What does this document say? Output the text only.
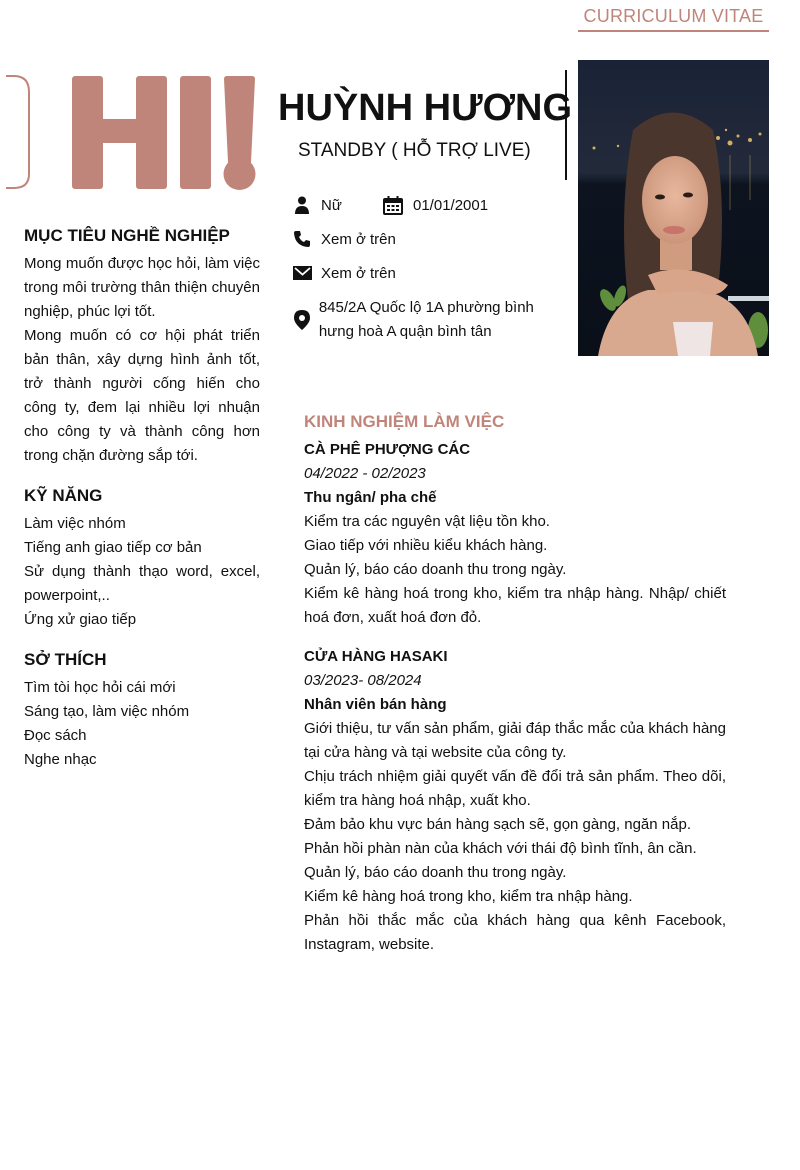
CURRICULUM VITAE
HUỲNH HƯƠNG
STANDBY ( HỖ TRỢ LIVE)
Nữ	01/01/2001
Xem ở trên
Xem ở trên
845/2A Quốc lộ 1A phường bình hưng hoà A quận bình tân
MỤC TIÊU NGHỀ NGHIỆP
Mong muốn được học hỏi, làm việc trong môi trường thân thiện chuyên nghiệp, phúc lợi tốt.
Mong muốn có cơ hội phát triển bản thân, xây dựng hình ảnh tốt, trở thành người cống hiến cho công ty, đem lại nhiều lợi nhuận cho công ty và thành công hơn trong chặn đường sắp tới.
KỸ NĂNG
Làm việc nhóm
Tiếng anh giao tiếp cơ bản
Sử dụng thành thạo word, excel, powerpoint,..
Ứng xử giao tiếp
SỞ THÍCH
Tìm tòi học hỏi cái mới
Sáng tạo, làm việc nhóm
Đọc sách
Nghe nhạc
KINH NGHIỆM LÀM VIỆC
CÀ PHÊ PHƯỢNG CÁC
04/2022 - 02/2023
Thu ngân/ pha chế
Kiểm tra các nguyên vật liệu tồn kho.
Giao tiếp với nhiều kiểu khách hàng.
Quản lý, báo cáo doanh thu trong ngày.
Kiểm kê hàng hoá trong kho, kiểm tra nhập hàng. Nhập/ chiết hoá đơn, xuất hoá đơn đỏ.
CỬA HÀNG HASAKI
03/2023- 08/2024
Nhân viên bán hàng
Giới thiệu, tư vấn sản phẩm, giải đáp thắc mắc của khách hàng tại cửa hàng và tại website của công ty.
Chịu trách nhiệm giải quyết vấn đề đổi trả sản phẩm. Theo dõi, kiểm tra hàng hoá nhập, xuất kho.
Đảm bảo khu vực bán hàng sạch sẽ, gọn gàng, ngăn nắp.
Phản hồi phàn nàn của khách với thái độ bình tĩnh, ân cần.
Quản lý, báo cáo doanh thu trong ngày.
Kiểm kê hàng hoá trong kho, kiểm tra nhập hàng.
Phản hồi thắc mắc của khách hàng qua kênh Facebook, Instagram, website.
